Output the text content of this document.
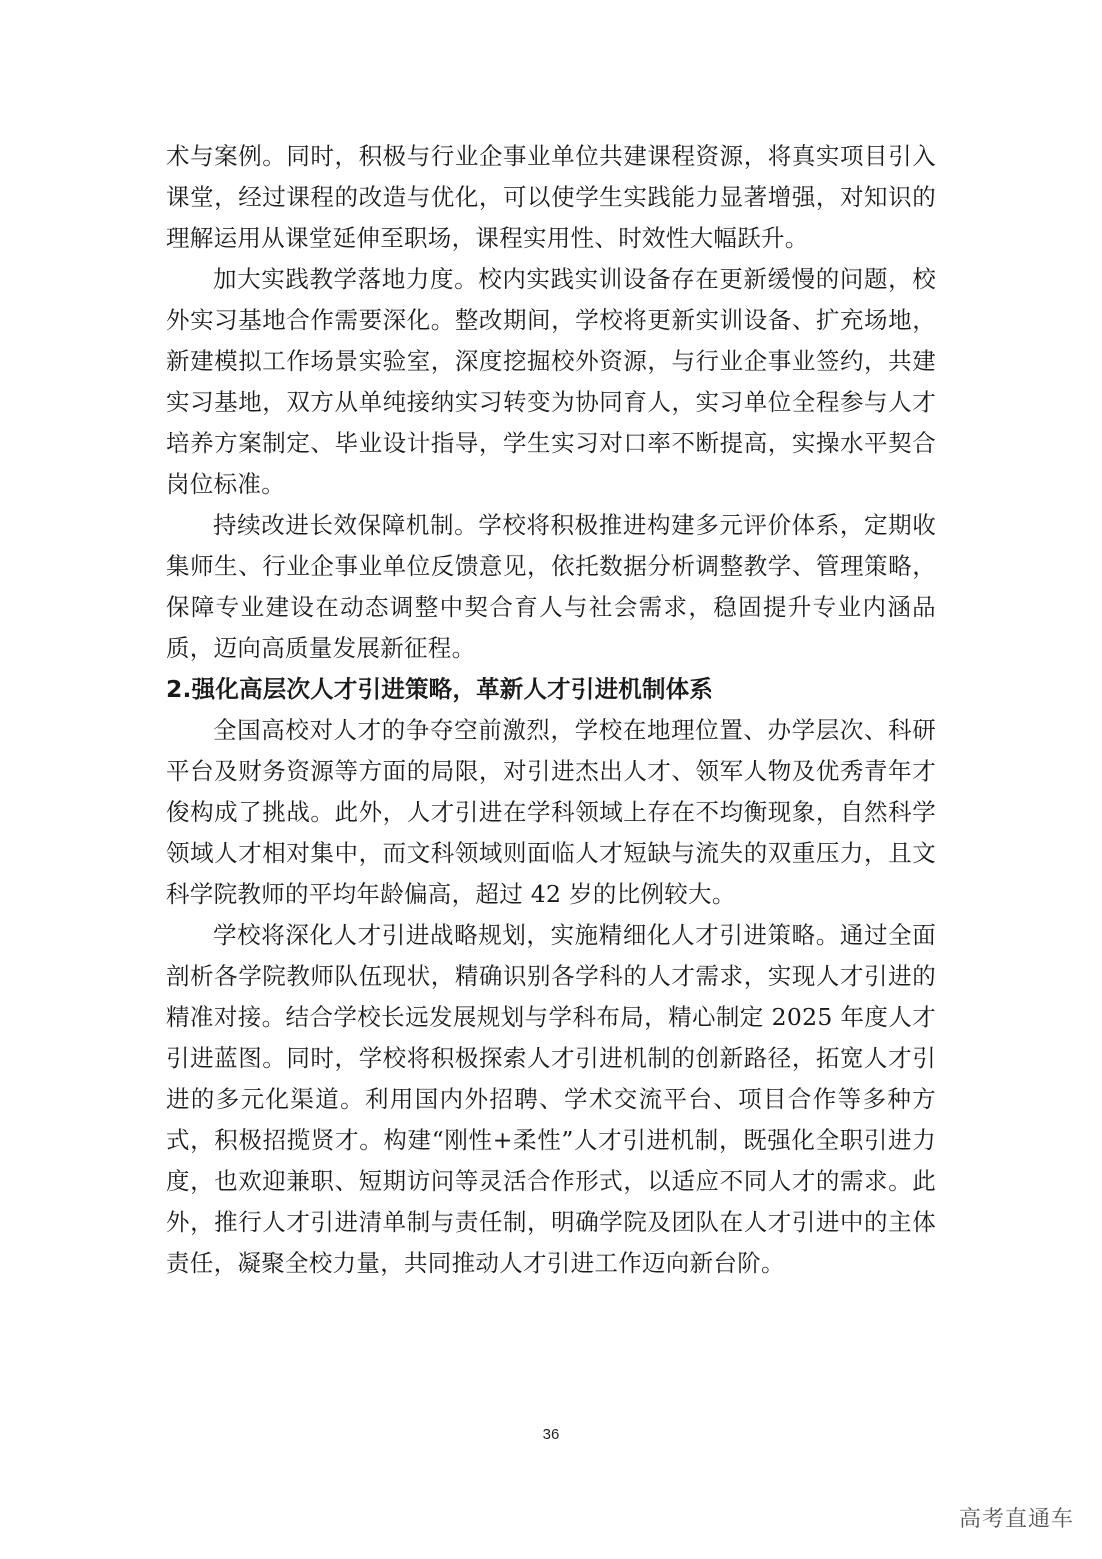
术与案例。同时，积极与行业企事业单位共建课程资源，将真实项目引入课堂，经过课程的改造与优化，可以使学生实践能力显著增强，对知识的理解运用从课堂延伸至职场，课程实用性、时效性大幅跃升。

加大实践教学落地力度。校内实践实训设备存在更新缓慢的问题，校外实习基地合作需要深化。整改期间，学校将更新实训设备、扩充场地，新建模拟工作场景实验室，深度挖掘校外资源，与行业企事业签约，共建实习基地，双方从单纯接纳实习转变为协同育人，实习单位全程参与人才培养方案制定、毕业设计指导，学生实习对口率不断提高，实操水平契合岗位标准。

持续改进长效保障机制。学校将积极推进构建多元评价体系，定期收集师生、行业企事业单位反馈意见，依托数据分析调整教学、管理策略，保障专业建设在动态调整中契合育人与社会需求，稳固提升专业内涵品质，迈向高质量发展新征程。

2.强化高层次人才引进策略，革新人才引进机制体系

全国高校对人才的争夺空前激烈，学校在地理位置、办学层次、科研平台及财务资源等方面的局限，对引进杰出人才、领军人物及优秀青年才俊构成了挑战。此外，人才引进在学科领域上存在不均衡现象，自然科学领域人才相对集中，而文科领域则面临人才短缺与流失的双重压力，且文科学院教师的平均年龄偏高，超过 42 岁的比例较大。

学校将深化人才引进战略规划，实施精细化人才引进策略。通过全面剖析各学院教师队伍现状，精确识别各学科的人才需求，实现人才引进的精准对接。结合学校长远发展规划与学科布局，精心制定 2025 年度人才引进蓝图。同时，学校将积极探索人才引进机制的创新路径，拓宽人才引进的多元化渠道。利用国内外招聘、学术交流平台、项目合作等多种方式，积极招揽贤才。构建“刚性+柔性”人才引进机制，既强化全职引进力度，也欢迎兼职、短期访问等灵活合作形式，以适应不同人才的需求。此外，推行人才引进清单制与责任制，明确学院及团队在人才引进中的主体责任，凝聚全校力量，共同推动人才引进工作迈向新台阶。

36
高考直通车
